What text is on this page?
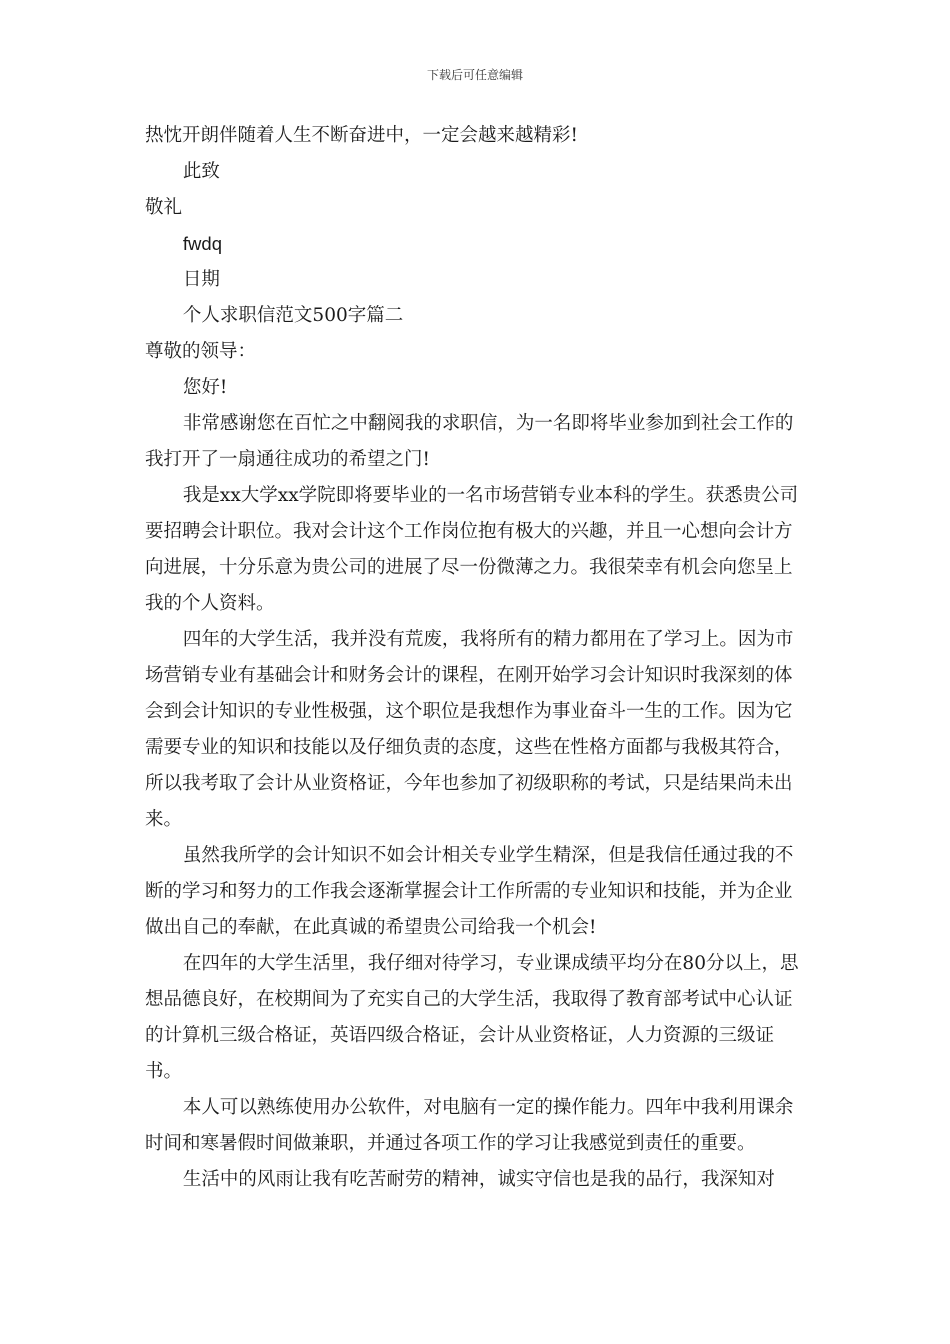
下载后可任意编辑

热忱开朗伴随着人生不断奋进中，一定会越来越精彩!

此致

敬礼

fwdq

日期

个人求职信范文500字篇二

尊敬的领导：

您好!

非常感谢您在百忙之中翻阅我的求职信，为一名即将毕业参加到社会工作的我打开了一扇通往成功的希望之门!

我是xx大学xx学院即将要毕业的一名市场营销专业本科的学生。获悉贵公司要招聘会计职位。我对会计这个工作岗位抱有极大的兴趣，并且一心想向会计方向进展，十分乐意为贵公司的进展了尽一份微薄之力。我很荣幸有机会向您呈上我的个人资料。

四年的大学生活，我并没有荒废，我将所有的精力都用在了学习上。因为市场营销专业有基础会计和财务会计的课程，在刚开始学习会计知识时我深刻的体会到会计知识的专业性极强，这个职位是我想作为事业奋斗一生的工作。因为它需要专业的知识和技能以及仔细负责的态度，这些在性格方面都与我极其符合，所以我考取了会计从业资格证，今年也参加了初级职称的考试，只是结果尚未出来。

虽然我所学的会计知识不如会计相关专业学生精深，但是我信任通过我的不断的学习和努力的工作我会逐渐掌握会计工作所需的专业知识和技能，并为企业做出自己的奉献，在此真诚的希望贵公司给我一个机会!

在四年的大学生活里，我仔细对待学习，专业课成绩平均分在80分以上，思想品德良好，在校期间为了充实自己的大学生活，我取得了教育部考试中心认证的计算机三级合格证，英语四级合格证，会计从业资格证，人力资源的三级证书。

本人可以熟练使用办公软件，对电脑有一定的操作能力。四年中我利用课余时间和寒暑假时间做兼职，并通过各项工作的学习让我感觉到责任的重要。

生活中的风雨让我有吃苦耐劳的精神，诚实守信也是我的品行，我深知对
